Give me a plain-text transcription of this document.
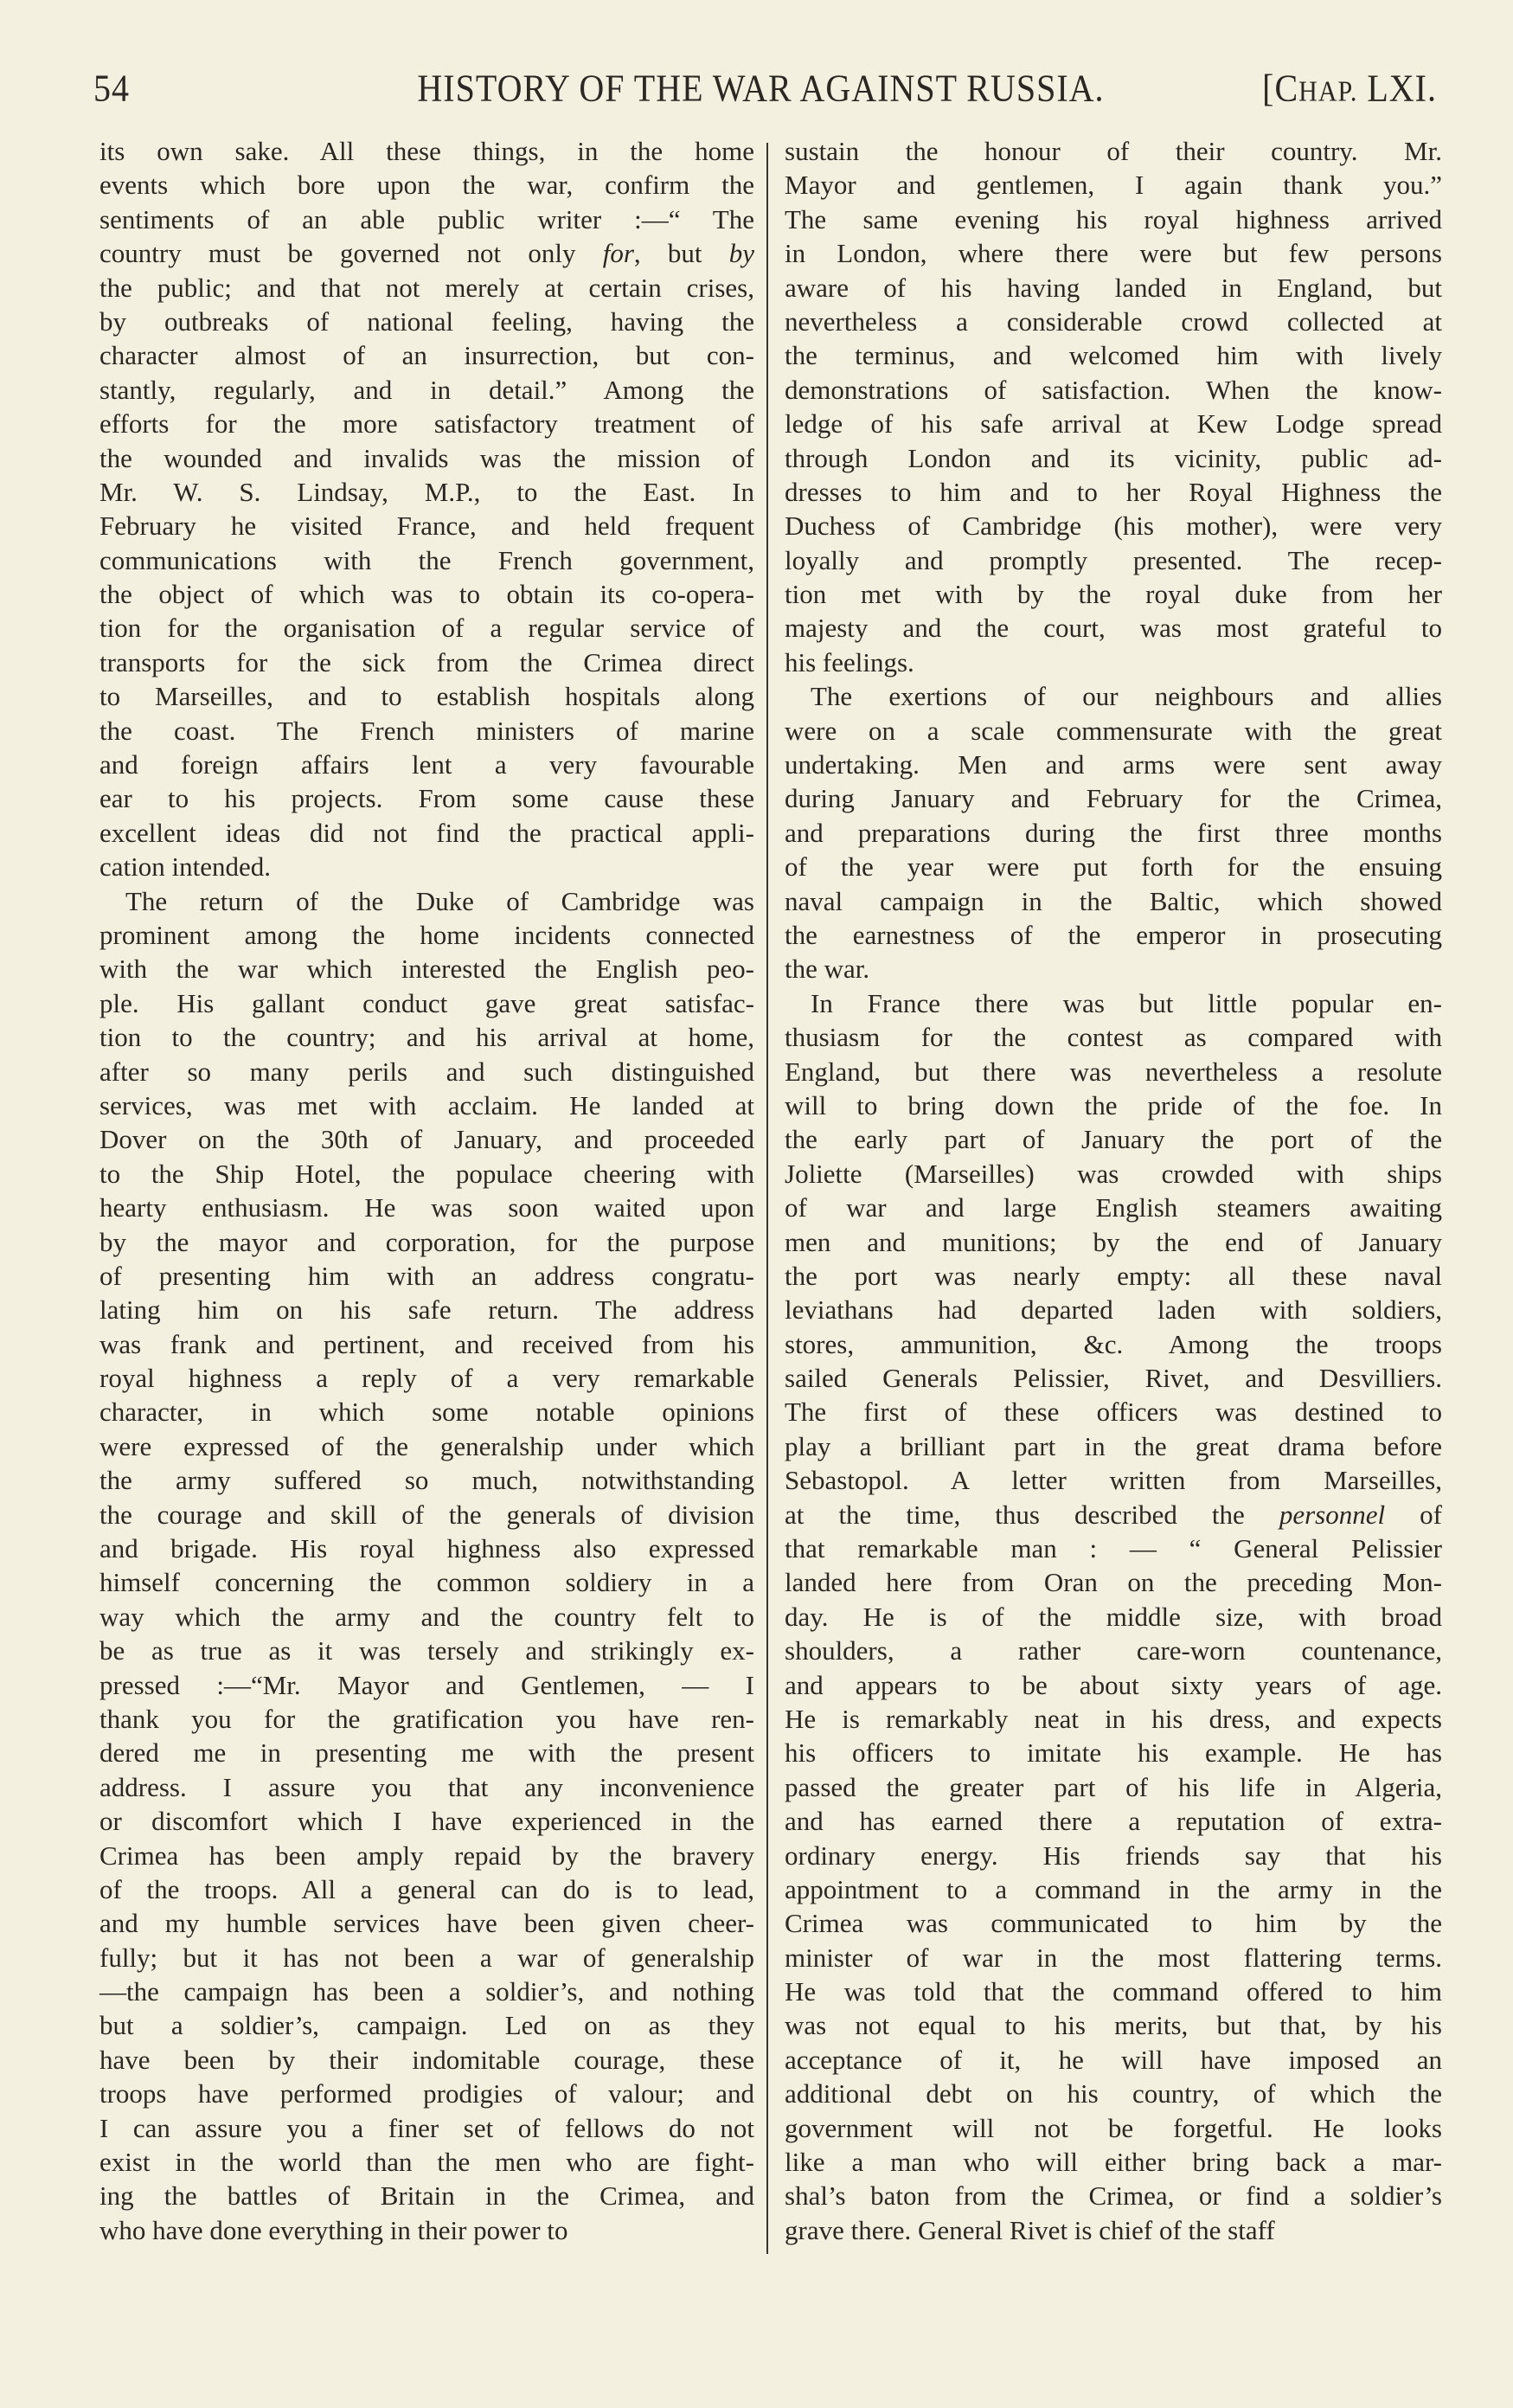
54	HISTORY OF THE WAR AGAINST RUSSIA.	[CHAP. LXI.
its own sake. All these things, in the home
events which bore upon the war, confirm the
sentiments of an able public writer :—“ The
country must be governed not only for, but by
the public; and that not merely at certain crises,
by outbreaks of national feeling, having the
character almost of an insurrection, but con-
stantly, regularly, and in detail.” Among the
efforts for the more satisfactory treatment of
the wounded and invalids was the mission of
Mr. W. S. Lindsay, M.P., to the East. In
February he visited France, and held frequent
communications with the French government,
the object of which was to obtain its co-opera-
tion for the organisation of a regular service of
transports for the sick from the Crimea direct
to Marseilles, and to establish hospitals along
the coast. The French ministers of marine
and foreign affairs lent a very favourable
ear to his projects. From some cause these
excellent ideas did not find the practical appli-
cation intended.
The return of the Duke of Cambridge was
prominent among the home incidents connected
with the war which interested the English peo-
ple. His gallant conduct gave great satisfac-
tion to the country; and his arrival at home,
after so many perils and such distinguished
services, was met with acclaim. He landed at
Dover on the 30th of January, and proceeded
to the Ship Hotel, the populace cheering with
hearty enthusiasm. He was soon waited upon
by the mayor and corporation, for the purpose
of presenting him with an address congratu-
lating him on his safe return. The address
was frank and pertinent, and received from his
royal highness a reply of a very remarkable
character, in which some notable opinions
were expressed of the generalship under which
the army suffered so much, notwithstanding
the courage and skill of the generals of division
and brigade. His royal highness also expressed
himself concerning the common soldiery in a
way which the army and the country felt to
be as true as it was tersely and strikingly ex-
pressed :—“Mr. Mayor and Gentlemen, — I
thank you for the gratification you have ren-
dered me in presenting me with the present
address. I assure you that any inconvenience
or discomfort which I have experienced in the
Crimea has been amply repaid by the bravery
of the troops. All a general can do is to lead,
and my humble services have been given cheer-
fully; but it has not been a war of generalship
—the campaign has been a soldier’s, and nothing
but a soldier’s, campaign. Led on as they
have been by their indomitable courage, these
troops have performed prodigies of valour; and
I can assure you a finer set of fellows do not
exist in the world than the men who are fight-
ing the battles of Britain in the Crimea, and
who have done everything in their power to
sustain the honour of their country. Mr.
Mayor and gentlemen, I again thank you.”
The same evening his royal highness arrived
in London, where there were but few persons
aware of his having landed in England, but
nevertheless a considerable crowd collected at
the terminus, and welcomed him with lively
demonstrations of satisfaction. When the know-
ledge of his safe arrival at Kew Lodge spread
through London and its vicinity, public ad-
dresses to him and to her Royal Highness the
Duchess of Cambridge (his mother), were very
loyally and promptly presented. The recep-
tion met with by the royal duke from her
majesty and the court, was most grateful to
his feelings.
The exertions of our neighbours and allies
were on a scale commensurate with the great
undertaking. Men and arms were sent away
during January and February for the Crimea,
and preparations during the first three months
of the year were put forth for the ensuing
naval campaign in the Baltic, which showed
the earnestness of the emperor in prosecuting
the war.
In France there was but little popular en-
thusiasm for the contest as compared with
England, but there was nevertheless a resolute
will to bring down the pride of the foe. In
the early part of January the port of the
Joliette (Marseilles) was crowded with ships
of war and large English steamers awaiting
men and munitions; by the end of January
the port was nearly empty: all these naval
leviathans had departed laden with soldiers,
stores, ammunition, &c. Among the troops
sailed Generals Pelissier, Rivet, and Desvilliers.
The first of these officers was destined to
play a brilliant part in the great drama before
Sebastopol. A letter written from Marseilles,
at the time, thus described the personnel of
that remarkable man : — “ General Pelissier
landed here from Oran on the preceding Mon-
day. He is of the middle size, with broad
shoulders, a rather care-worn countenance,
and appears to be about sixty years of age.
He is remarkably neat in his dress, and expects
his officers to imitate his example. He has
passed the greater part of his life in Algeria,
and has earned there a reputation of extra-
ordinary energy. His friends say that his
appointment to a command in the army in the
Crimea was communicated to him by the
minister of war in the most flattering terms.
He was told that the command offered to him
was not equal to his merits, but that, by his
acceptance of it, he will have imposed an
additional debt on his country, of which the
government will not be forgetful. He looks
like a man who will either bring back a mar-
shal’s baton from the Crimea, or find a soldier’s
grave there. General Rivet is chief of the staff
